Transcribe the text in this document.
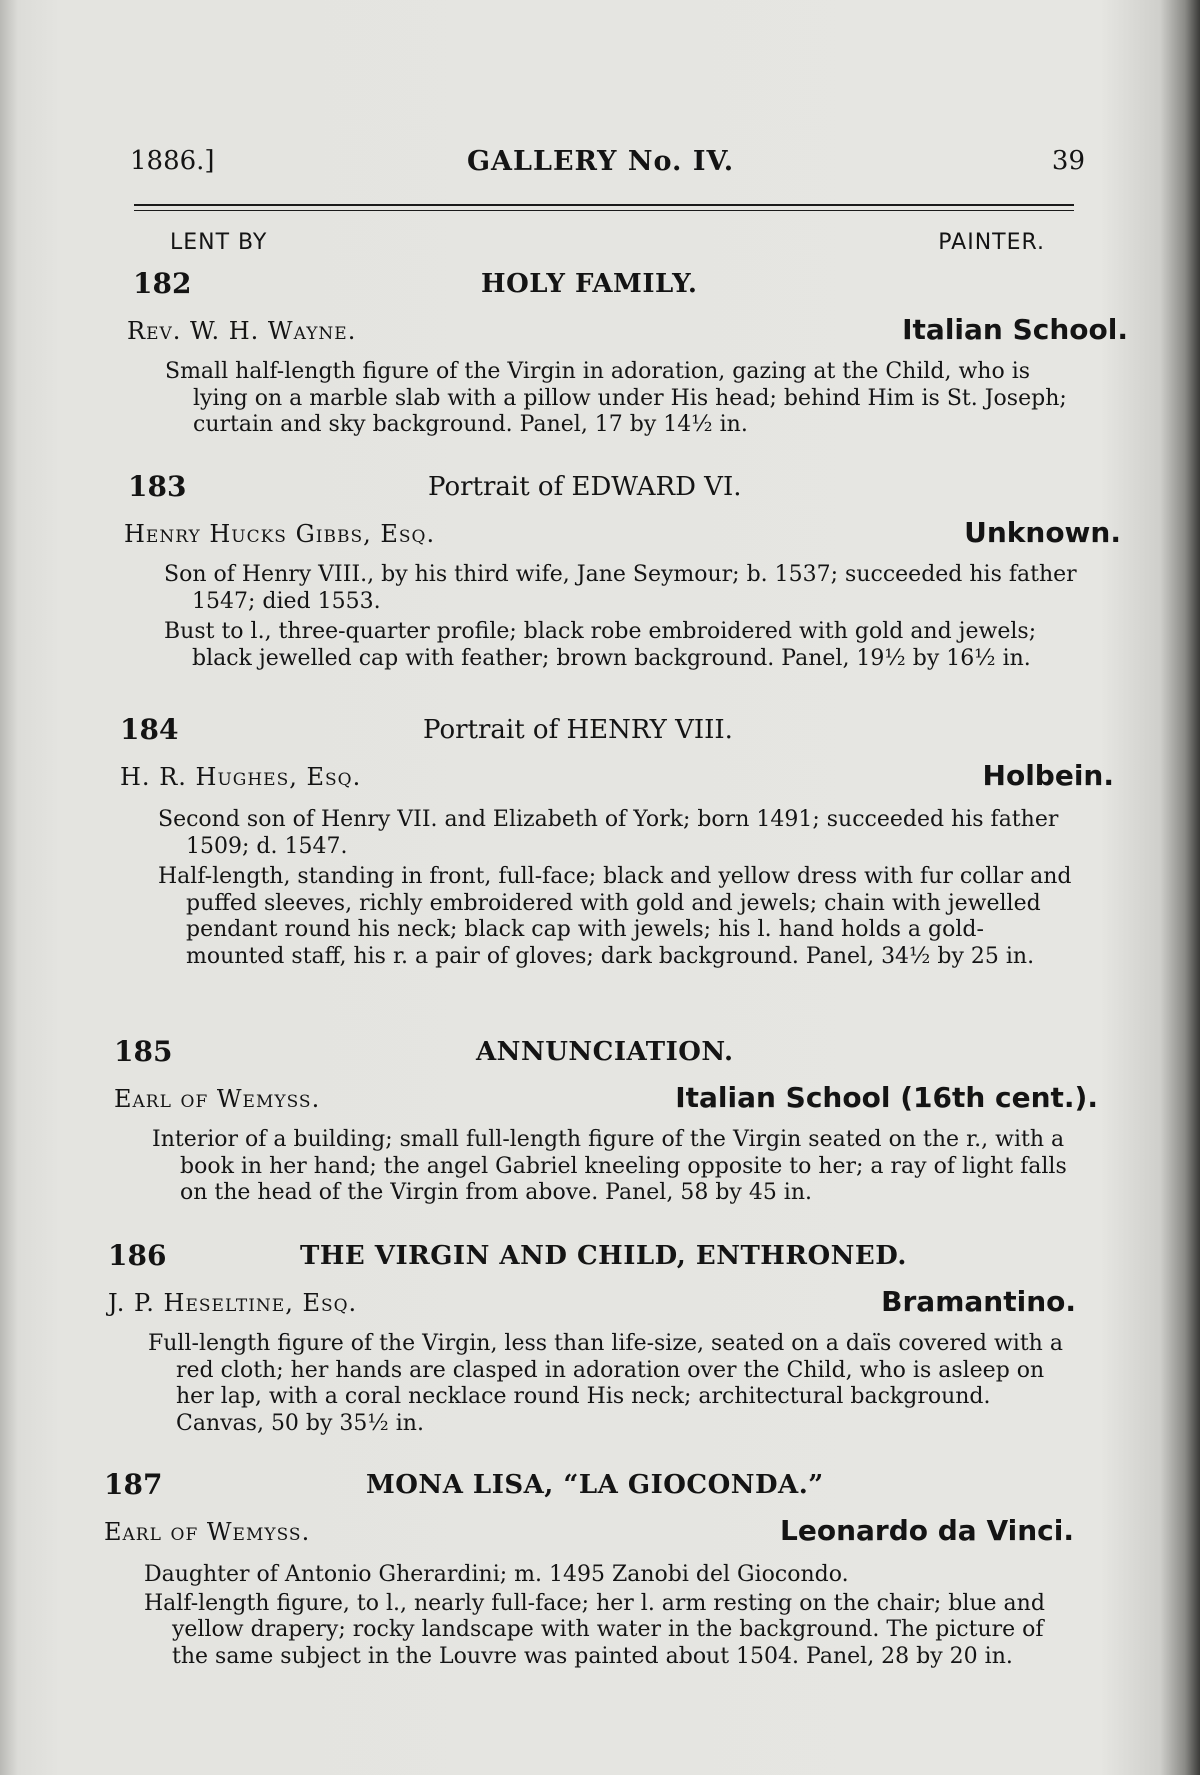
1886.]	GALLERY No. IV.	39
LENT BY	PAINTER.
182	HOLY FAMILY.
Rev. W. H. Wayne.	Italian School.

Small half-length figure of the Virgin in adoration, gazing at the Child, who is lying on a marble slab with a pillow under His head; behind Him is St. Joseph; curtain and sky background. Panel, 17 by 14½ in.

183	Portrait of EDWARD VI.
Henry Hucks Gibbs, Esq.	Unknown.

Son of Henry VIII., by his third wife, Jane Seymour; b. 1537; succeeded his father 1547; died 1553.

Bust to l., three-quarter profile; black robe embroidered with gold and jewels; black jewelled cap with feather; brown background. Panel, 19½ by 16½ in.

184	Portrait of HENRY VIII.
H. R. Hughes, Esq.	Holbein.

Second son of Henry VII. and Elizabeth of York; born 1491; succeeded his father 1509; d. 1547.

Half-length, standing in front, full-face; black and yellow dress with fur collar and puffed sleeves, richly embroidered with gold and jewels; chain with jewelled pendant round his neck; black cap with jewels; his l. hand holds a gold-mounted staff, his r. a pair of gloves; dark background. Panel, 34½ by 25 in.

185	ANNUNCIATION.
Earl of Wemyss.	Italian School (16th cent.).

Interior of a building; small full-length figure of the Virgin seated on the r., with a book in her hand; the angel Gabriel kneeling opposite to her; a ray of light falls on the head of the Virgin from above. Panel, 58 by 45 in.

186	THE VIRGIN AND CHILD, ENTHRONED.
J. P. Heseltine, Esq.	Bramantino.

Full-length figure of the Virgin, less than life-size, seated on a daïs covered with a red cloth; her hands are clasped in adoration over the Child, who is asleep on her lap, with a coral necklace round His neck; architectural background. Canvas, 50 by 35½ in.

187	MONA LISA, “LA GIOCONDA.”
Earl of Wemyss.	Leonardo da Vinci.

Daughter of Antonio Gherardini; m. 1495 Zanobi del Giocondo.

Half-length figure, to l., nearly full-face; her l. arm resting on the chair; blue and yellow drapery; rocky landscape with water in the background. The picture of the same subject in the Louvre was painted about 1504. Panel, 28 by 20 in.
